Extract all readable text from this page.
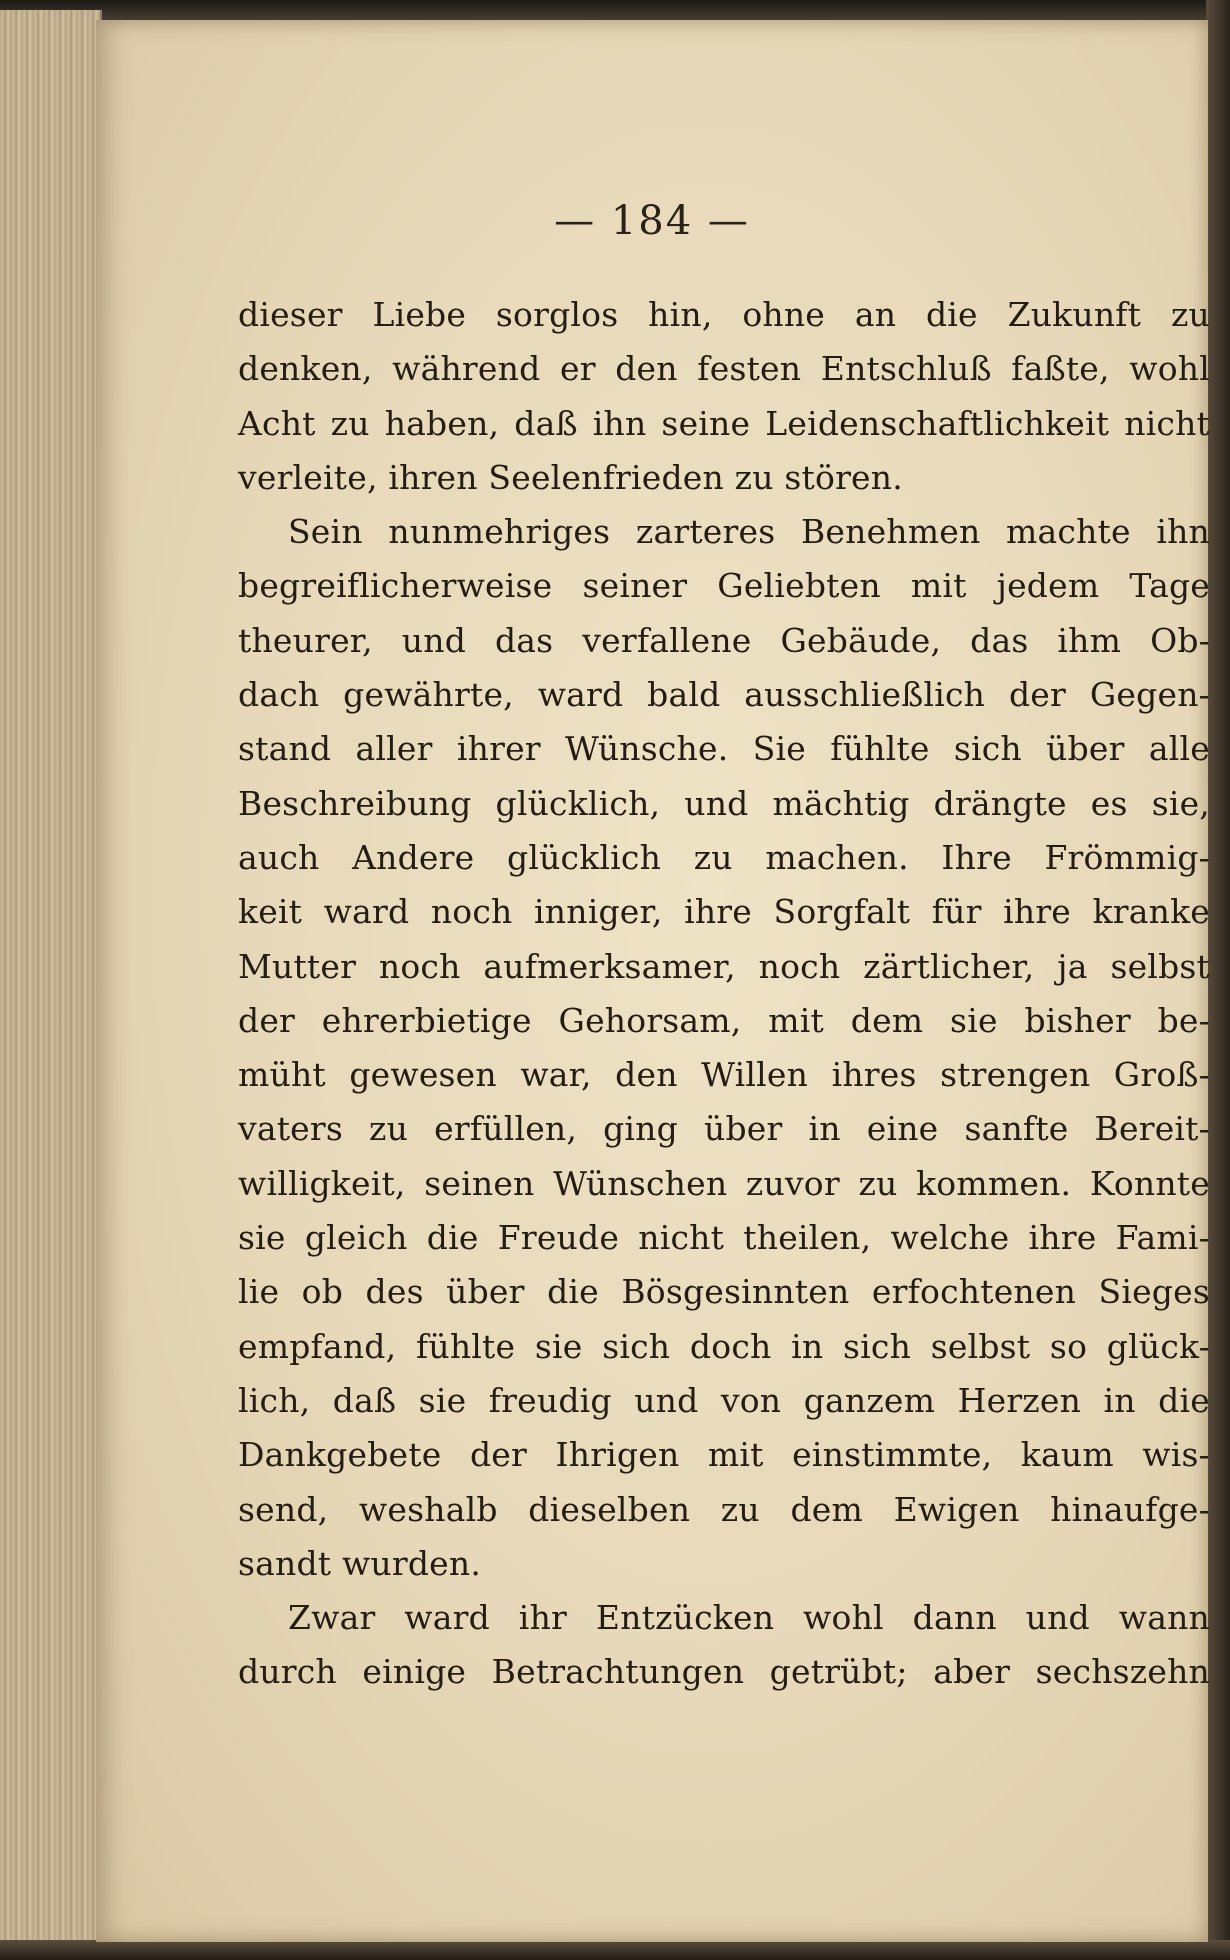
— 184 —
dieser Liebe sorglos hin, ohne an die Zukunft zu
denken, während er den festen Entschluß faßte, wohl
Acht zu haben, daß ihn seine Leidenschaftlichkeit nicht
verleite, ihren Seelenfrieden zu stören.
Sein nunmehriges zarteres Benehmen machte ihn
begreiflicherweise seiner Geliebten mit jedem Tage
theurer, und das verfallene Gebäude, das ihm Ob-
dach gewährte, ward bald ausschließlich der Gegen-
stand aller ihrer Wünsche. Sie fühlte sich über alle
Beschreibung glücklich, und mächtig drängte es sie,
auch Andere glücklich zu machen. Ihre Frömmig-
keit ward noch inniger, ihre Sorgfalt für ihre kranke
Mutter noch aufmerksamer, noch zärtlicher, ja selbst
der ehrerbietige Gehorsam, mit dem sie bisher be-
müht gewesen war, den Willen ihres strengen Groß-
vaters zu erfüllen, ging über in eine sanfte Bereit-
willigkeit, seinen Wünschen zuvor zu kommen. Konnte
sie gleich die Freude nicht theilen, welche ihre Fami-
lie ob des über die Bösgesinnten erfochtenen Sieges
empfand, fühlte sie sich doch in sich selbst so glück-
lich, daß sie freudig und von ganzem Herzen in die
Dankgebete der Ihrigen mit einstimmte, kaum wis-
send, weshalb dieselben zu dem Ewigen hinaufge-
sandt wurden.
Zwar ward ihr Entzücken wohl dann und wann
durch einige Betrachtungen getrübt; aber sechszehn
